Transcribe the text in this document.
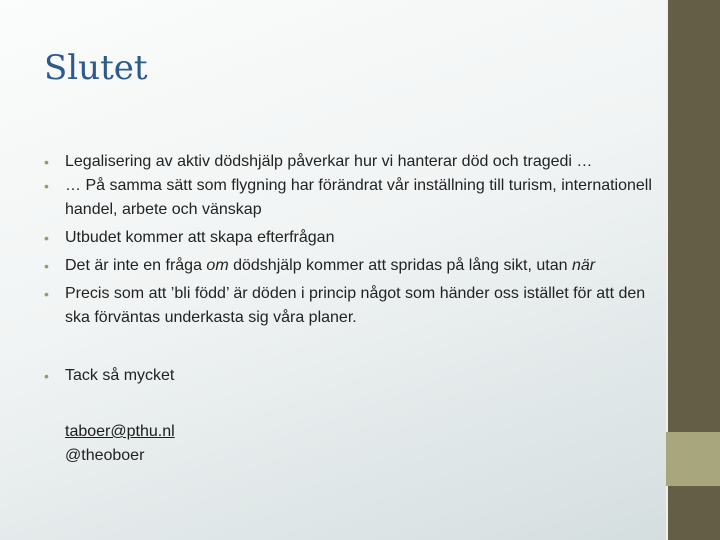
Slutet

• Legalisering av aktiv dödshjälp påverkar hur vi hanterar död och tragedi …

• … På samma sätt som flygning har förändrat vår inställning till turism, internationell handel, arbete och vänskap

• Utbudet kommer att skapa efterfrågan

• Det är inte en fråga om dödshjälp kommer att spridas på lång sikt, utan när

• Precis som att ’bli född’ är döden i princip något som händer oss istället för att den ska förväntas underkasta sig våra planer.

• Tack så mycket

taboer@pthu.nl
@theoboer
